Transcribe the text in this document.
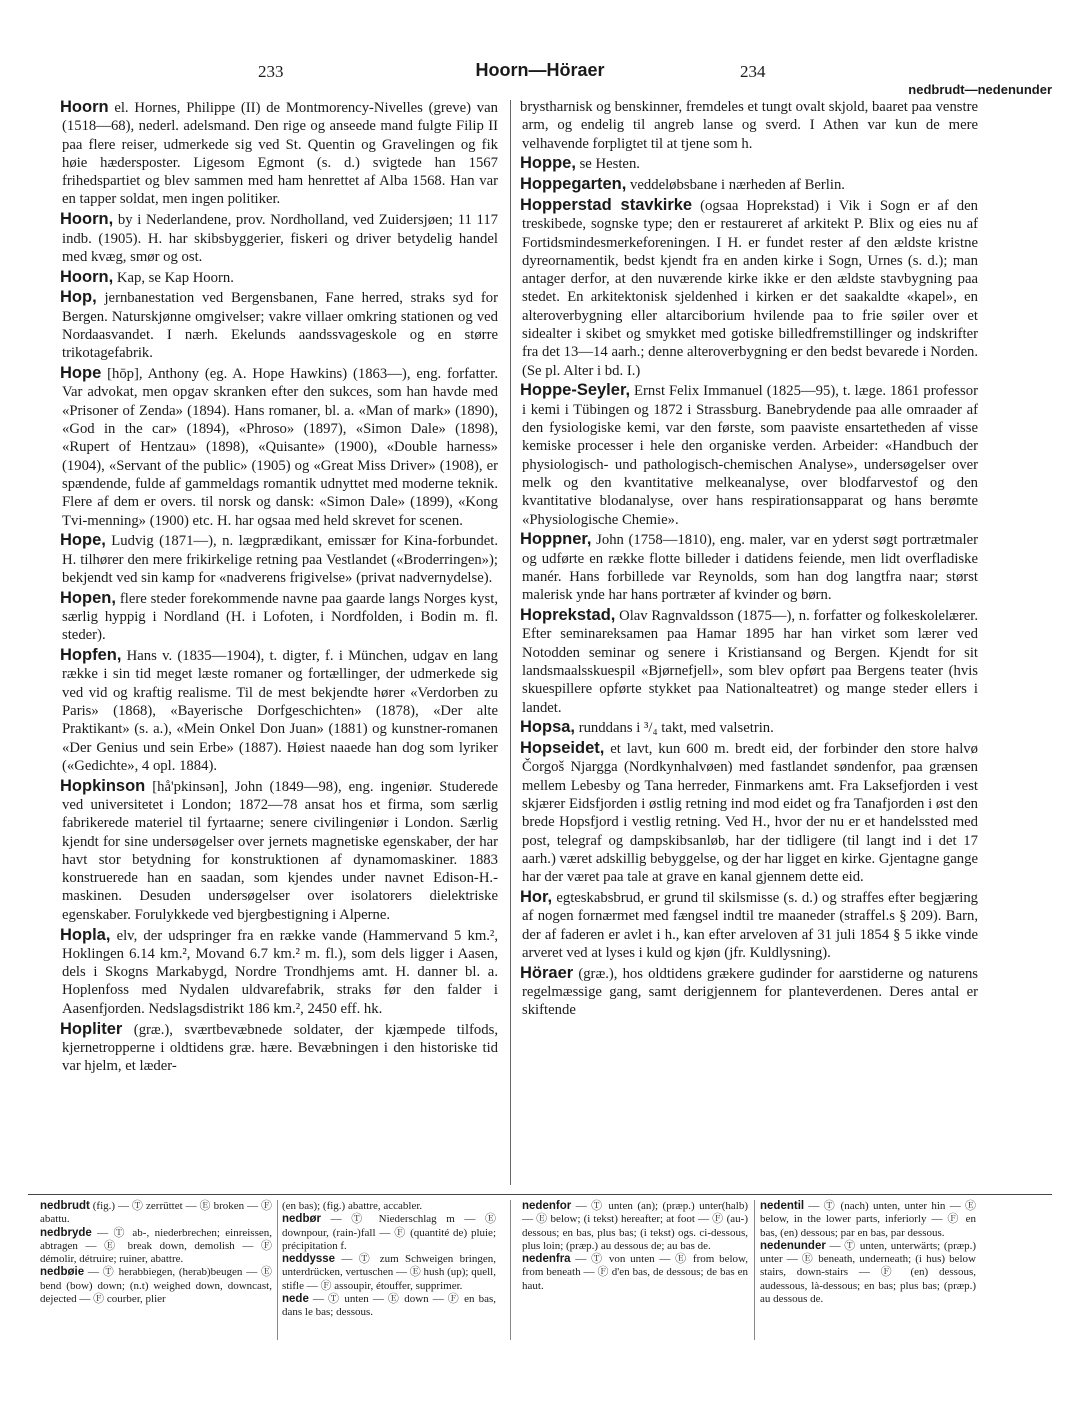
233	Hoorn—Höraer	234
nedbrudt—nedenunder
Hoorn el. Hornes, Philippe (II) de Montmorency-Nivelles (greve) van (1518—68), nederl. adelsmand. Den rige og anseede mand fulgte Filip II paa flere reiser, udmerkede sig ved St. Quentin og Gravelingen og fik høie hædersposter. Ligesom Egmont (s. d.) svigtede han 1567 frihedspartiet og blev sammen med ham henrettet af Alba 1568. Han var en tapper soldat, men ingen politiker.
Hoorn, by i Nederlandene, prov. Nordholland, ved Zuidersjøen; 11 117 indb. (1905). H. har skibsbyggerier, fiskeri og driver betydelig handel med kvæg, smør og ost.
Hoorn, Kap, se Kap Hoorn.
Hop, jernbanestation ved Bergensbanen, Fane herred, straks syd for Bergen. Naturskjønne omgivelser; vakre villaer omkring stationen og ved Nordaasvandet. I nærh. Ekelunds aandssvageskole og en større trikotagefabrik.
Hope [hōp], Anthony (eg. A. Hope Hawkins) (1863—), eng. forfatter. Var advokat, men opgav skranken efter den sukces, som han havde med «Prisoner of Zenda» (1894). Hans romaner, bl. a. «Man of mark» (1890), «God in the car» (1894), «Phroso» (1897), «Simon Dale» (1898), «Rupert of Hentzau» (1898), «Quisante» (1900), «Double harness» (1904), «Servant of the public» (1905) og «Great Miss Driver» (1908), er spændende, fulde af gammeldags romantik udnyttet med moderne teknik. Flere af dem er overs. til norsk og dansk: «Simon Dale» (1899), «Kong Tvi-menning» (1900) etc. H. har ogsaa med held skrevet for scenen.
Hope, Ludvig (1871—), n. lægprædikant, emissær for Kina-forbundet. H. tilhører den mere frikirkelige retning paa Vestlandet («Broderringen»); bekjendt ved sin kamp for «nadverens frigivelse» (privat nadvernydelse).
Hopen, flere steder forekommende navne paa gaarde langs Norges kyst, særlig hyppig i Nordland (H. i Lofoten, i Nordfolden, i Bodin m. fl. steder).
Hopfen, Hans v. (1835—1904), t. digter, f. i München, udgav en lang række i sin tid meget læste romaner og fortællinger, der udmerkede sig ved vid og kraftig realisme. Til de mest bekjendte hører «Verdorben zu Paris» (1868), «Bayerische Dorfgeschichten» (1878), «Der alte Praktikant» (s. a.), «Mein Onkel Don Juan» (1881) og kunstner-romanen «Der Genius und sein Erbe» (1887). Høiest naaede han dog som lyriker («Gedichte», 4 opl. 1884).
Hopkinson [hå'pkinsən], John (1849—98), eng. ingeniør. Studerede ved universitetet i London; 1872—78 ansat hos et firma, som særlig fabrikerede materiel til fyrtaarne; senere civilingeniør i London. Særlig kjendt for sine undersøgelser over jernets magnetiske egenskaber, der har havt stor betydning for konstruktionen af dynamomaskiner. 1883 konstruerede han en saadan, som kjendes under navnet Edison-H.-maskinen. Desuden undersøgelser over isolatorers dielektriske egenskaber. Forulykkede ved bjergbestigning i Alperne.
Hopla, elv, der udspringer fra en række vande (Hammervand 5 km.², Hoklingen 6.14 km.², Movand 6.7 km.² m. fl.), som dels ligger i Aasen, dels i Skogns Markabygd, Nordre Trondhjems amt. H. danner bl. a. Hoplenfoss med Nydalen uldvarefabrik, straks før den falder i Aasenfjorden. Nedslagsdistrikt 186 km.², 2450 eff. hk.
Hopliter (græ.), sværtbevæbnede soldater, der kjæmpede tilfods, kjernetropperne i oldtidens græ. hære. Bevæbningen i den historiske tid var hjelm, et læder-
brystharnisk og benskinner, fremdeles et tungt ovalt skjold, baaret paa venstre arm, og endelig til angreb lanse og sverd. I Athen var kun de mere velhavende forpligtet til at tjene som h.
Hoppe, se Hesten.
Hoppegarten, veddeløbsbane i nærheden af Berlin.
Hopperstad stavkirke (ogsaa Hoprekstad) i Vik i Sogn er af den treskibede, sognske type; den er restaureret af arkitekt P. Blix og eies nu af Fortidsmindesmerkeforeningen. I H. er fundet rester af den ældste kristne dyreornamentik, bedst kjendt fra en anden kirke i Sogn, Urnes (s. d.); man antager derfor, at den nuværende kirke ikke er den ældste stavbygning paa stedet. En arkitektonisk sjeldenhed i kirken er det saakaldte «kapel», en alteroverbygning eller altarciborium hvilende paa to frie søiler over et sidealter i skibet og smykket med gotiske billedfremstillinger og indskrifter fra det 13—14 aarh.; denne alteroverbygning er den bedst bevarede i Norden. (Se pl. Alter i bd. I.)
Hoppe-Seyler, Ernst Felix Immanuel (1825—95), t. læge. 1861 professor i kemi i Tübingen og 1872 i Strassburg. Banebrydende paa alle omraader af den fysiologiske kemi, var den første, som paaviste ensartetheden af visse kemiske processer i hele den organiske verden. Arbeider: «Handbuch der physiologisch- und pathologisch-chemischen Analyse», undersøgelser over melk og den kvantitative melkeanalyse, over blodfarvestof og den kvantitative blodanalyse, over hans respirationsapparat og hans berømte «Physiologische Chemie».
Hoppner, John (1758—1810), eng. maler, var en yderst søgt portrætmaler og udførte en række flotte billeder i datidens feiende, men lidt overfladiske manér. Hans forbillede var Reynolds, som han dog langtfra naar; størst malerisk ynde har hans portræter af kvinder og børn.
Hoprekstad, Olav Ragnvaldsson (1875—), n. forfatter og folkeskolelærer. Efter seminareksamen paa Hamar 1895 har han virket som lærer ved Notodden seminar og senere i Kristiansand og Bergen. Kjendt for sit landsmaalsskuespil «Bjørnefjell», som blev opført paa Bergens teater (hvis skuespillere opførte stykket paa Nationalteatret) og mange steder ellers i landet.
Hopsa, runddans i ³/₄ takt, med valsetrin.
Hopseidet, et lavt, kun 600 m. bredt eid, der forbinder den store halvø Čorgoš Njargga (Nordkynhalvøen) med fastlandet søndenfor, paa grænsen mellem Lebesby og Tana herreder, Finmarkens amt. Fra Laksefjorden i vest skjærer Eidsfjorden i østlig retning ind mod eidet og fra Tanafjorden i øst den brede Hopsfjord i vestlig retning. Ved H., hvor der nu er et handelssted med post, telegraf og dampskibsanløb, har der tidligere (til langt ind i det 17 aarh.) været adskillig bebyggelse, og der har ligget en kirke. Gjentagne gange har der været paa tale at grave en kanal gjennem dette eid.
Hor, egteskabsbrud, er grund til skilsmisse (s. d.) og straffes efter begjæring af nogen fornærmet med fængsel indtil tre maaneder (straffel.s § 209). Barn, der af faderen er avlet i h., kan efter arveloven af 31 juli 1854 § 5 ikke vinde arveret ved at lyses i kuld og kjøn (jfr. Kuldlysning).
Höraer (græ.), hos oldtidens grækere gudinder for aarstiderne og naturens regelmæssige gang, samt derigjennem for planteverdenen. Deres antal er skiftende
nedbrudt (fig.) — Ⓣ zerrüttet — Ⓔ broken — Ⓕ abattu.
nedbryde — Ⓣ ab-, niederbrechen; einreissen, abtragen — Ⓔ break down, demolish — Ⓕ démolir, détruire; ruiner, abattre.
nedbøie — Ⓣ herabbiegen, (herab)beugen — Ⓔ bend (bow) down; (n.t) weighed down, downcast, dejected — Ⓕ courber, plier
(en bas); (fig.) abattre, accabler.
nedbør — Ⓣ Niederschlag m — Ⓔ downpour, (rain-)fall — Ⓕ (quantité de) pluie; précipitation f.
neddysse — Ⓣ zum Schweigen bringen, unterdrücken, vertuschen — Ⓔ hush (up); quell, stifle — Ⓕ assoupir, étouffer, supprimer.
nede — Ⓣ unten — Ⓔ down — Ⓕ en bas, dans le bas; dessous.
nedenfor — Ⓣ unten (an); (præp.) unter(halb) — Ⓔ below; (i tekst) hereafter; at foot — Ⓕ (au-) dessous; en bas, plus bas; (i tekst) ogs. ci-dessous, plus loin; (præp.) au dessous de; au bas de.
nedenfra — Ⓣ von unten — Ⓔ from below, from beneath — Ⓕ d'en bas, de dessous; de bas en haut.
nedentil — Ⓣ (nach) unten, unter hin — Ⓔ below, in the lower parts, inferiorly — Ⓕ en bas, (en) dessous; par en bas, par dessous.
nedenunder — Ⓣ unten, unterwärts; (præp.) unter — Ⓔ beneath, underneath; (i hus) below stairs, down-stairs — Ⓕ (en) dessous, audessous, là-dessous; en bas; plus bas; (præp.) au dessous de.
